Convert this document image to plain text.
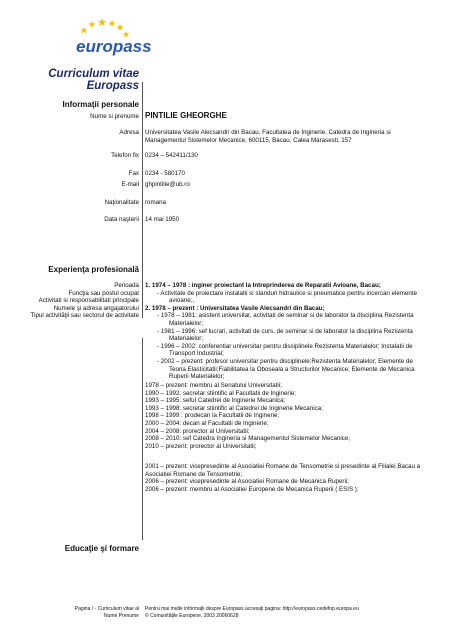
europass
Curriculum vitae
Europass
Informaţii personale
Nume si prenume PINTILIE GHEORGHE
Adresa Universitatea Vasile Alecsandri din Bacau, Facultatea de Inginerie, Catedra de Ingineria si
Managementul Sistemelor Mecanice, 600115, Bacau, Calea Marasesti, 157
Telefon fix 0234 – 542411/130
Fax 0234 - 580170
E-mail ghpintilie@ub.ro
Naţionalitate romana
Data naşterii 14 mai 1950
Experienţa profesională
Perioada
Funcţia sau postul ocupat
Activitati si responsabilitati principale
Numele şi adresa angajatorului
Tipul activităţii sau sectorul de activitate
1. 1974 – 1978 : inginer proiectant la Intreprinderea de Reparatii Avioane, Bacau;
- Activitate de proiectare instalatii si standuri hidraulice si pneumatice pentru incercari elemente
avioane;,
2. 1978 – prezent : Universitatea Vasile Alecsandri din Bacau;
- 1978 – 1981: asistent universitar, activitati de seminar si de laborator la disciplina Rezistenta
Materialelor;
- 1981 – 1996: sef lucrari, activitati de curs, de seminar si de laborator la disciplina Rezistenta
Materialelor;
- 1996 – 2002: conferentiar universitar pentru disciplinele Rezistenta Materialelor; Instalatii de
Transport Industrial;
- 2002 – prezent: profesor universitar pentru disciplinele:Rezistenta Materialelor; Elemente de
Teoria Elasticitatii;Fiabilitatea la Oboseala a Structurilor Mecanice; Elemente de Mecanica
Ruperii Materialelor;
1978 – prezent: membru al Senatului Universitatii;
1990 – 1992: secretar stiintific al Facultatii de Inginerie;
1993 – 1995: sefuI Catedrei de Inginerie Mecanica;
1993 – 1998: secretar stiintific al Catedrei de Inginerie Mecanica;
1998 – 1999 : prodecan la Facultatii de Inginerie;
2000 – 2004: decan al Facultatii de Inginerie;
2004 – 2008: prorector al Universitatii;
2008 – 2010: sef Catedra Ingineria si Managementul Sistemelor Mecanice;
2010 – prezent: prorector al Universitatii;
2001 – prezent: vicepresedinte al Asociatiei Romane de Tensometrie si presedinte al Filialei Bacau a
Asociatiei Romane de Tensometrie;
2006 – prezent: vicepresedinte al Asociatiei Romane de Mecanica Ruperii;
2006 – prezent: membru al Asociatiei Europene de Mecanica Ruperii ( ESIS );
Educaţie şi formare
Pagina / - Curriculum vitae al
Nume Prenume
Pentru mai multe informaţii despre Europass accesaţi pagina: http://europass.cedefop.europa.eu
© Comunităţile Europene, 2003 20060628
